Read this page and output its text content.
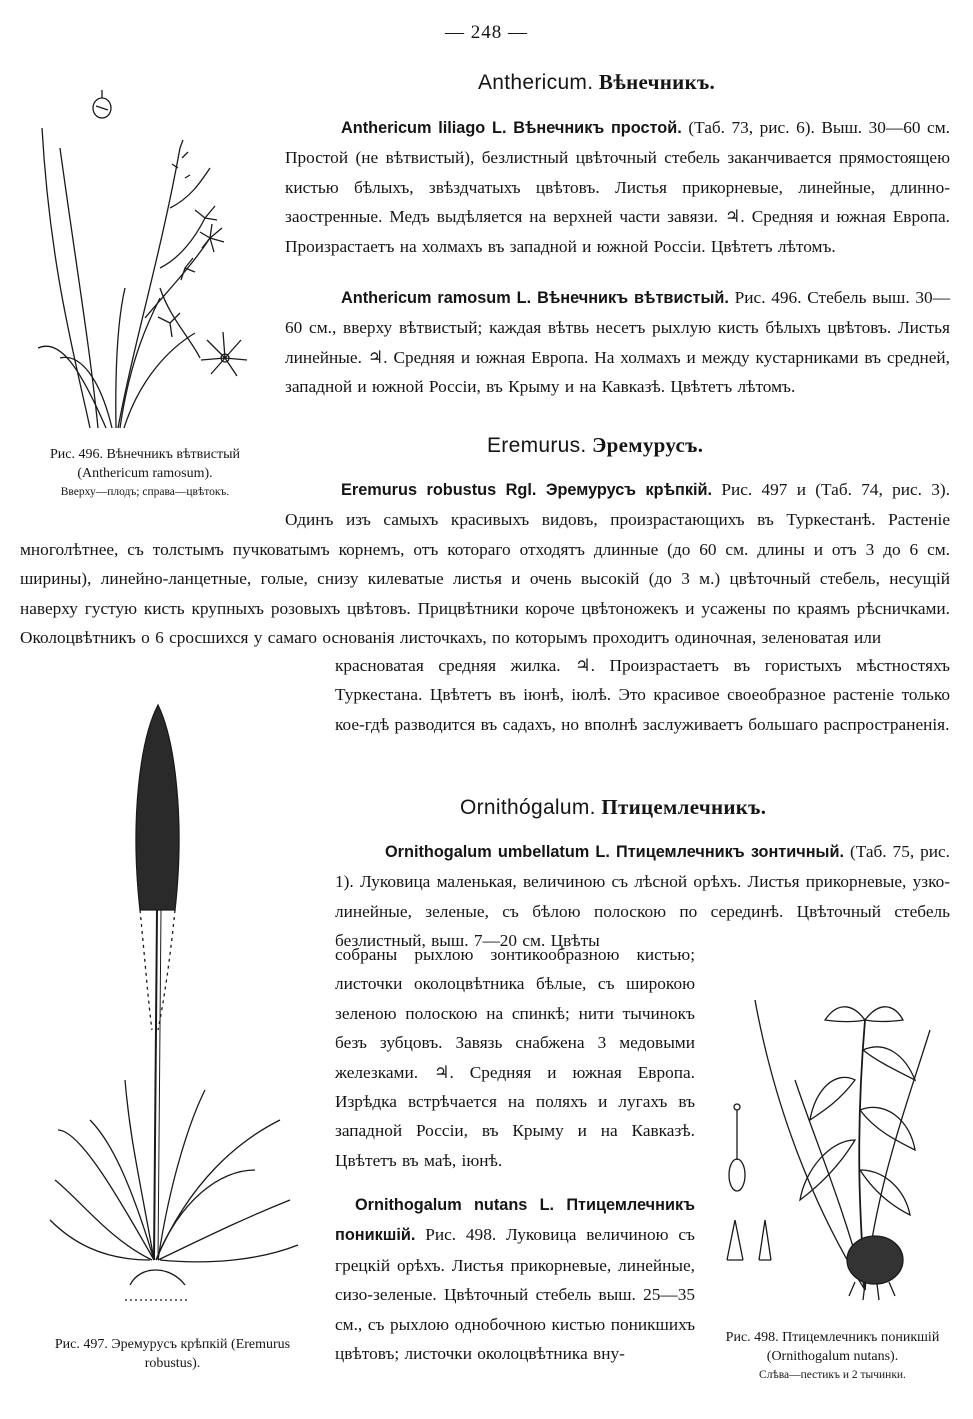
— 248 —
Рис. 496. Вѣнечникъ вѣтвистый (Anthericum ramosum).
Вверху—плодъ; справа—цвѣтокъ.
Anthericum. Вѣнечникъ.
Anthericum liliago L. Вѣнечникъ простой. (Таб. 73, рис. 6). Выш. 30—60 см. Простой (не вѣтвистый), безлистный цвѣточный стебель заканчивается прямостоящею кистью бѣлыхъ, звѣздчатыхъ цвѣтовъ. Листья прикорневые, линейные, длинно-заостренные. Медъ выдѣляется на верхней части завязи. ♃. Средняя и южная Европа. Произрастаетъ на холмахъ въ западной и южной Россіи. Цвѣтетъ лѣтомъ.
Anthericum ramosum L. Вѣнечникъ вѣтвистый. Рис. 496. Стебель выш. 30—60 см., вверху вѣтвистый; каждая вѣтвь несетъ рыхлую кисть бѣлыхъ цвѣтовъ. Листья линейные. ♃. Средняя и южная Европа. На холмахъ и между кустарниками въ средней, западной и южной Россіи, въ Крыму и на Кавказѣ. Цвѣтетъ лѣтомъ.
Eremurus. Эремурусъ.
Eremurus robustus Rgl. Эремурусъ крѣпкій. Рис. 497 и (Таб. 74, рис. 3). Одинъ изъ самыхъ красивыхъ видовъ, произрастающихъ въ Туркестанѣ. Растеніе многолѣтнее, съ толстымъ пучковатымъ корнемъ, отъ котораго отходятъ длинные (до 60 см. длины и отъ 3 до 6 см. ширины), линейно-ланцетные, голые, снизу килеватые листья и очень высокій (до 3 м.) цвѣточный стебель, несущій наверху густую кисть крупныхъ розовыхъ цвѣтовъ. Прицвѣтники короче цвѣтоножекъ и усажены по краямъ рѣсничками. Околоцвѣтникъ о 6 сросшихся у самаго основанія листочкахъ, по которымъ проходитъ одиночная, зеленоватая или
красноватая средняя жилка. ♃. Произрастаетъ въ гористыхъ мѣстностяхъ Туркестана. Цвѣтетъ въ іюнѣ, іюлѣ. Это красивое своеобразное растеніе только кое-гдѣ разводится въ садахъ, но вполнѣ заслуживаетъ большаго распространенія.
Рис. 497. Эремурусъ крѣпкій (Eremurus robustus).
Ornithógalum. Птицемлечникъ.
Ornithogalum umbellatum L. Птицемлечникъ зонтичный. (Таб. 75, рис. 1). Луковица маленькая, величиною съ лѣсной орѣхъ. Листья прикорневые, узко-линейные, зеленые, съ бѣлою полоскою по серединѣ. Цвѣточный стебель безлистный, выш. 7—20 см. Цвѣты
собраны рыхлою зонтикообразною кистью; листочки околоцвѣтника бѣлые, съ широкою зеленою полоскою на спинкѣ; нити тычинокъ безъ зубцовъ. Завязь снабжена 3 медовыми железками. ♃. Средняя и южная Европа. Изрѣдка встрѣчается на поляхъ и лугахъ въ западной Россіи, въ Крыму и на Кавказѣ. Цвѣтетъ въ маѣ, іюнѣ.
Ornithogalum nutans L. Птицемлечникъ поникшій. Рис. 498. Луковица величиною съ грецкій орѣхъ. Листья прикорневые, линейные, сизо-зеленые. Цвѣточный стебель выш. 25—35 см., съ рыхлою однобочною кистью поникшихъ цвѣтовъ; листочки околоцвѣтника вну-
Рис. 498. Птицемлечникъ поникшій (Ornithogalum nutans).
Слѣва—пестикъ и 2 тычинки.
